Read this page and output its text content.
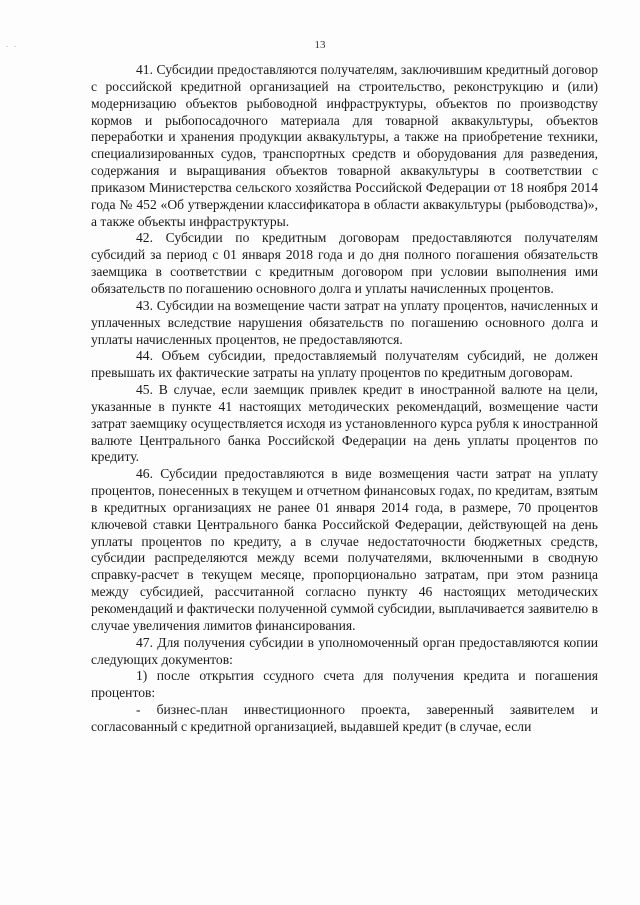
. .	13

41. Субсидии предоставляются получателям, заключившим кредитный договор с российской кредитной организацией на строительство, реконструкцию и (или) модернизацию объектов рыбоводной инфраструктуры, объектов по производству кормов и рыбопосадочного материала для товарной аквакультуры, объектов переработки и хранения продукции аквакультуры, а также на приобретение техники, специализированных судов, транспортных средств и оборудования для разведения, содержания и выращивания объектов товарной аквакультуры в соответствии с приказом Министерства сельского хозяйства Российской Федерации от 18 ноября 2014 года № 452 «Об утверждении классификатора в области аквакультуры (рыбоводства)», а также объекты инфраструктуры.

42. Субсидии по кредитным договорам предоставляются получателям субсидий за период с 01 января 2018 года и до дня полного погашения обязательств заемщика в соответствии с кредитным договором при условии выполнения ими обязательств по погашению основного долга и уплаты начисленных процентов.

43. Субсидии на возмещение части затрат на уплату процентов, начисленных и уплаченных вследствие нарушения обязательств по погашению основного долга и уплаты начисленных процентов, не предоставляются.

44. Объем субсидии, предоставляемый получателям субсидий, не должен превышать их фактические затраты на уплату процентов по кредитным договорам.

45. В случае, если заемщик привлек кредит в иностранной валюте на цели, указанные в пункте 41 настоящих методических рекомендаций, возмещение части затрат заемщику осуществляется исходя из установленного курса рубля к иностранной валюте Центрального банка Российской Федерации на день уплаты процентов по кредиту.

46. Субсидии предоставляются в виде возмещения части затрат на уплату процентов, понесенных в текущем и отчетном финансовых годах, по кредитам, взятым в кредитных организациях не ранее 01 января 2014 года, в размере, 70 процентов ключевой ставки Центрального банка Российской Федерации, действующей на день уплаты процентов по кредиту, а в случае недостаточности бюджетных средств, субсидии распределяются между всеми получателями, включенными в сводную справку-расчет в текущем месяце, пропорционально затратам, при этом разница между субсидией, рассчитанной согласно пункту 46 настоящих методических рекомендаций и фактически полученной суммой субсидии, выплачивается заявителю в случае увеличения лимитов финансирования.

47. Для получения субсидии в уполномоченный орган предоставляются копии следующих документов:

1) после открытия ссудного счета для получения кредита и погашения процентов:

- бизнес-план инвестиционного проекта, заверенный заявителем и согласованный с кредитной организацией, выдавшей кредит (в случае, если
